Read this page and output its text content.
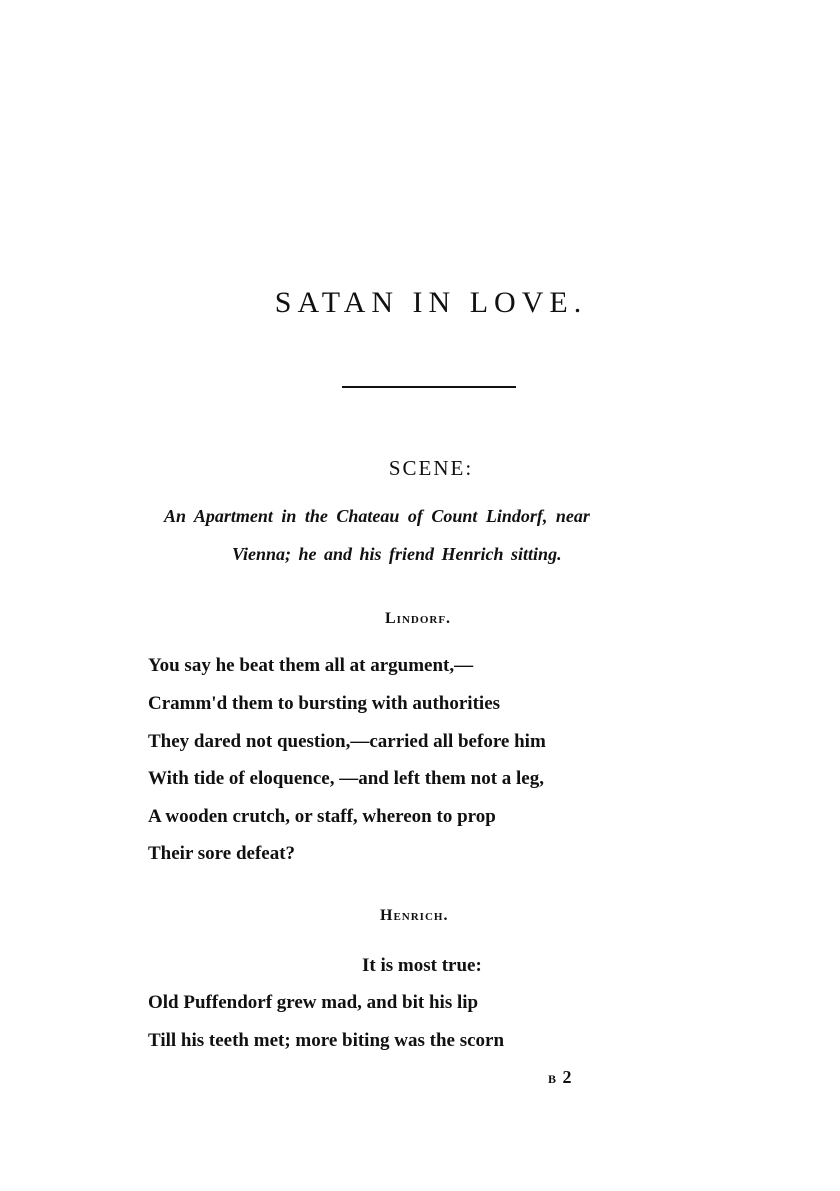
SATAN IN LOVE.
SCENE:
An Apartment in the Chateau of Count Lindorf, near
Vienna; he and his friend Henrich sitting.
Lindorf.
You say he beat them all at argument,—
Cramm'd them to bursting with authorities
They dared not question,—carried all before him
With tide of eloquence, —and left them not a leg,
A wooden crutch, or staff, whereon to prop
Their sore defeat?
Henrich.
It is most true:
Old Puffendorf grew mad, and bit his lip
Till his teeth met; more biting was the scorn
B 2
